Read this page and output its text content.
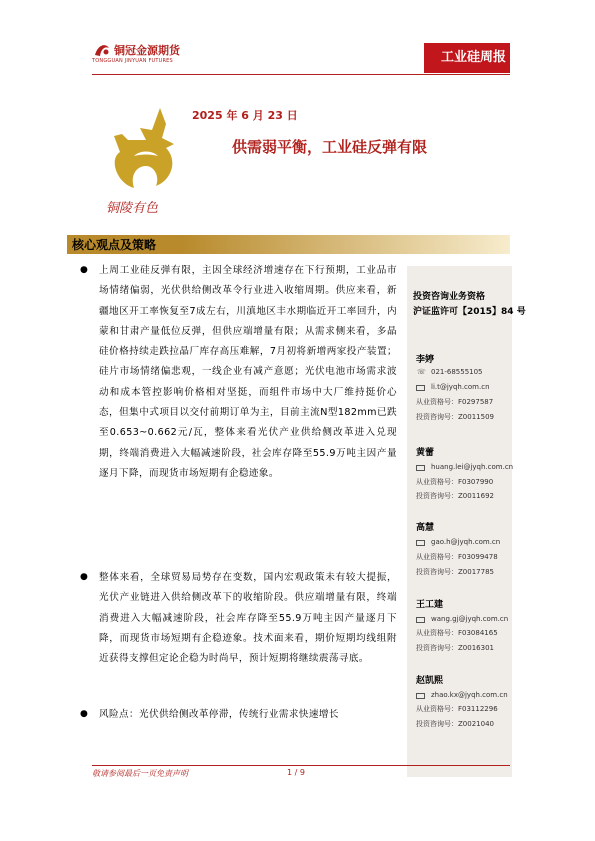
铜冠金源期货
TONGGUAN JINYUAN FUTURES	工业硅周报
铜陵有色
2025 年 6 月 23 日
供需弱平衡，工业硅反弹有限
核心观点及策略
投资咨询业务资格
沪证监许可【2015】84 号
李婷
☏ 021-68555105
li.t@jyqh.com.cn
从业资格号：F0297587
投资咨询号：Z0011509
黄蕾
huang.lei@jyqh.com.cn
从业资格号：F0307990
投资咨询号：Z0011692
高慧
gao.h@jyqh.com.cn
从业资格号：F03099478
投资咨询号：Z0017785
王工建
wang.gj@jyqh.com.cn
从业资格号：F03084165
投资咨询号：Z0016301
赵凯熙
zhao.kx@jyqh.com.cn
从业资格号：F03112296
投资咨询号：Z0021040
● 上周工业硅反弹有限，主因全球经济增速存在下行预期，工业品市场情绪偏弱，光伏供给侧改革令行业进入收缩周期。供应来看，新疆地区开工率恢复至7成左右，川滇地区丰水期临近开工率回升，内蒙和甘肃产量低位反弹，但供应端增量有限；从需求侧来看，多晶硅价格持续走跌拉晶厂库存高压难解，7月初将新增两家投产装置；硅片市场情绪偏悲观，一线企业有减产意愿；光伏电池市场需求波动和成本管控影响价格相对坚挺，而组件市场中大厂维持挺价心态，但集中式项目以交付前期订单为主，目前主流N型182mm已跌至0.653~0.662元/瓦，整体来看光伏产业供给侧改革进入兑现期，终端消费进入大幅减速阶段，社会库存降至55.9万吨主因产量逐月下降，而现货市场短期有企稳迹象。
● 整体来看，全球贸易局势存在变数，国内宏观政策未有较大提振，光伏产业链进入供给侧改革下的收缩阶段。供应端增量有限，终端消费进入大幅减速阶段，社会库存降至55.9万吨主因产量逐月下降，而现货市场短期有企稳迹象。技术面来看，期价短期均线组附近获得支撑但定论企稳为时尚早，预计短期将继续震荡寻底。
● 风险点：光伏供给侧改革停滞，传统行业需求快速增长
敬请参阅最后一页免责声明	1 / 9
